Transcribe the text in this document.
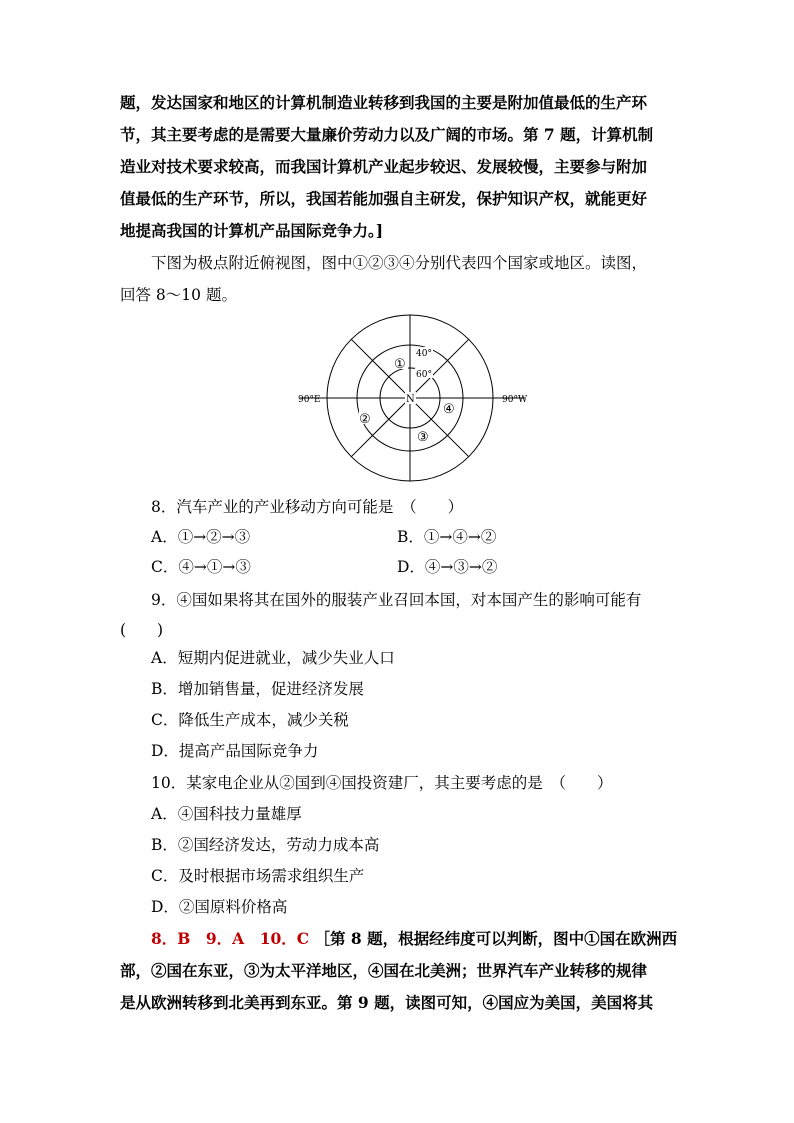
题，发达国家和地区的计算机制造业转移到我国的主要是附加值最低的生产环
节，其主要考虑的是需要大量廉价劳动力以及广阔的市场。第 7 题，计算机制
造业对技术要求较高，而我国计算机产业起步较迟、发展较慢，主要参与附加
值最低的生产环节，所以，我国若能加强自主研发，保护知识产权，就能更好
地提高我国的计算机产品国际竞争力。]
下图为极点附近俯视图，图中①②③④分别代表四个国家或地区。读图，
回答 8～10 题。
40°
60°
N
90°E	90°W
①
②
③
④
8．汽车产业的产业移动方向可能是　（　　）
A．①→②→③	B．①→④→②
C．④→①→③	D．④→③→②
9．④国如果将其在国外的服装产业召回本国，对本国产生的影响可能有
(　　)
A．短期内促进就业，减少失业人口
B．增加销售量，促进经济发展
C．降低生产成本，减少关税
D．提高产品国际竞争力
10．某家电企业从②国到④国投资建厂，其主要考虑的是　（　　）
A．④国科技力量雄厚
B．②国经济发达，劳动力成本高
C．及时根据市场需求组织生产
D．②国原料价格高
8．B　9．A　10．C ［第 8 题，根据经纬度可以判断，图中①国在欧洲西
部，②国在东亚，③为太平洋地区，④国在北美洲；世界汽车产业转移的规律
是从欧洲转移到北美再到东亚。第 9 题，读图可知，④国应为美国，美国将其
